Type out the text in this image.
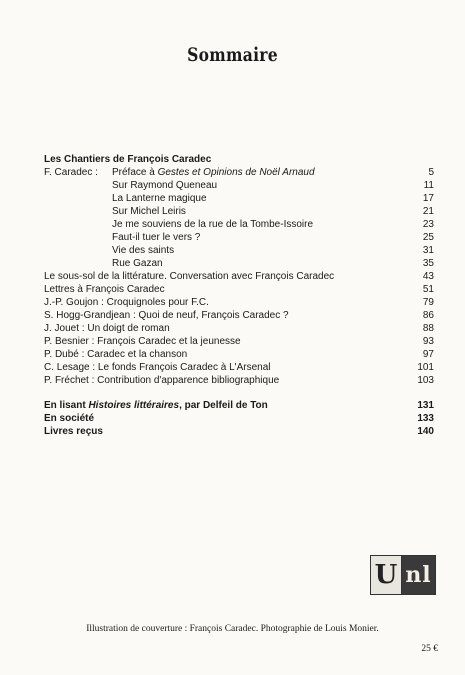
Sommaire
Les Chantiers de François Caradec
F. Caradec : Préface à Gestes et Opinions de Noël Arnaud	5
Sur Raymond Queneau	11
La Lanterne magique	17
Sur Michel Leiris	21
Je me souviens de la rue de la Tombe-Issoire	23
Faut-il tuer le vers ?	25
Vie des saints	31
Rue Gazan	35
Le sous-sol de la littérature. Conversation avec François Caradec	43
Lettres à François Caradec	51
J.-P. Goujon : Croquignoles pour F.C.	79
S. Hogg-Grandjean : Quoi de neuf, François Caradec ?	86
J. Jouet : Un doigt de roman	88
P. Besnier : François Caradec et la jeunesse	93
P. Dubé : Caradec et la chanson	97
C. Lesage : Le fonds François Caradec à L'Arsenal	101
P. Fréchet : Contribution d'apparence bibliographique	103
En lisant Histoires littéraires, par Delfeil de Ton	131
En société	133
Livres reçus	140
U nl
Illustration de couverture : François Caradec. Photographie de Louis Monier.
25 €
